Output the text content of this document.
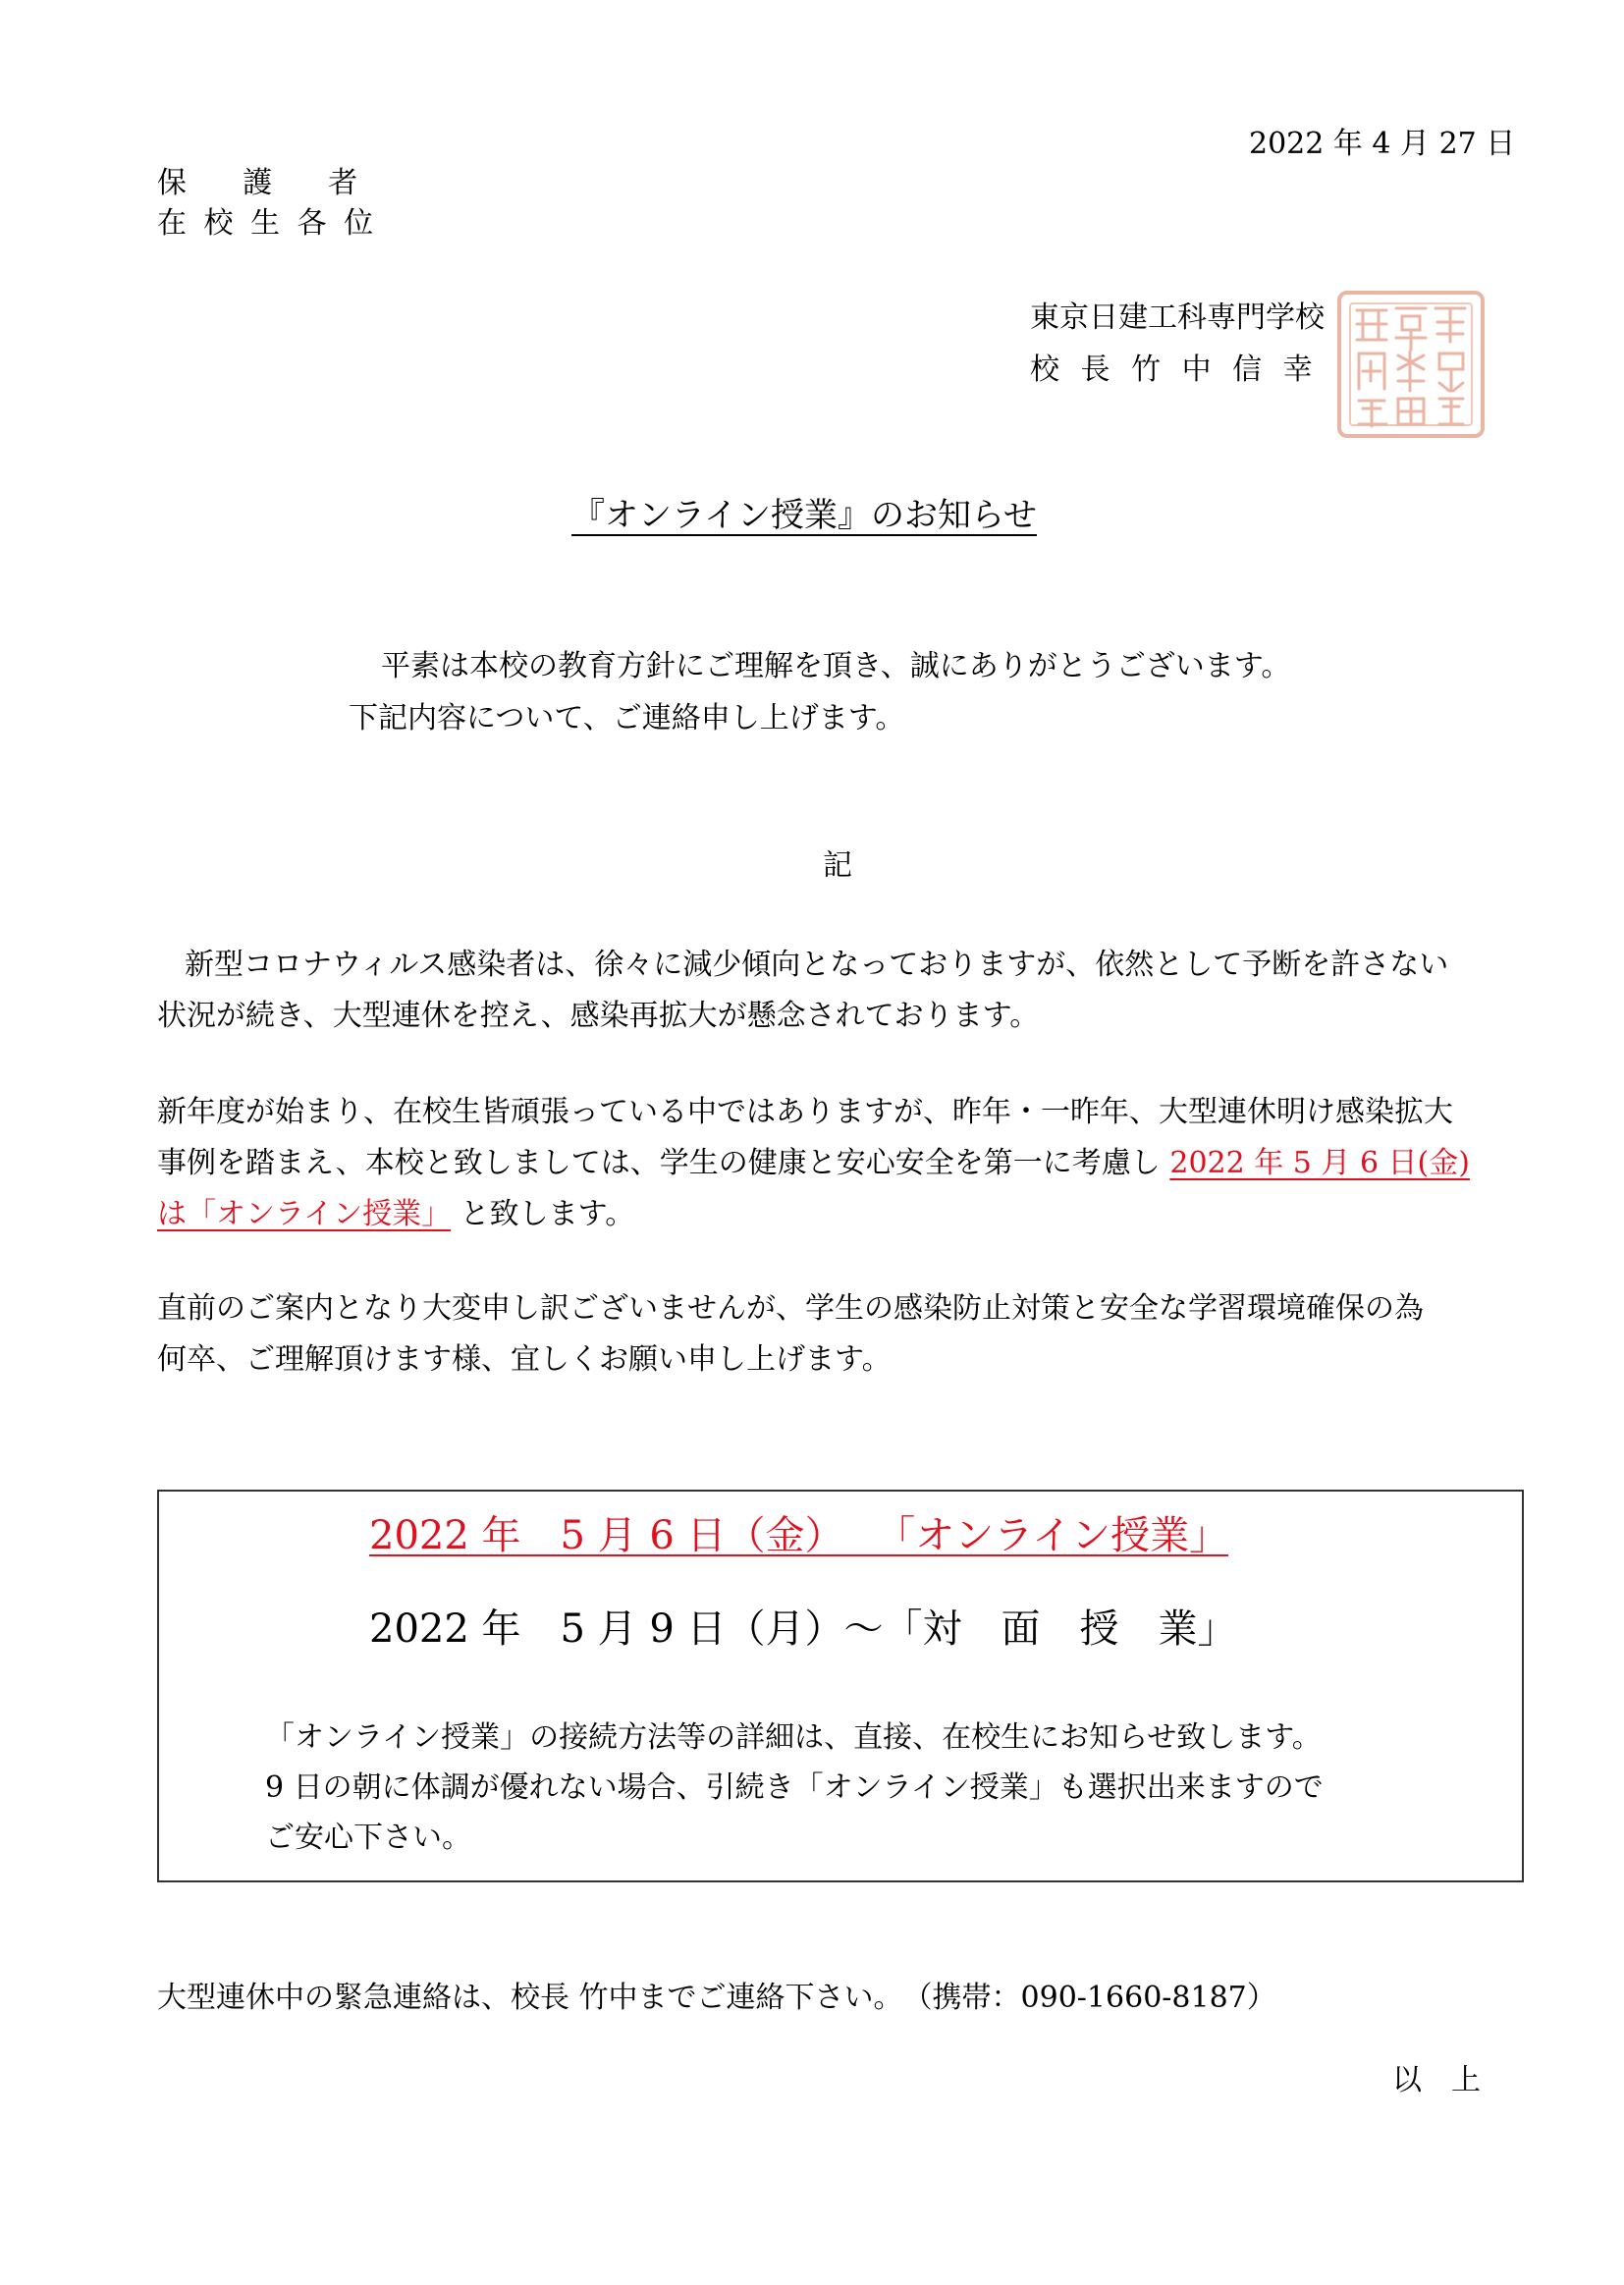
2022 年 4 月 27 日
保 　 護 　 者
在 校 生 各 位
東京日建工科専門学校
校 長 竹 中 信 幸
『オンライン授業』のお知らせ
平素は本校の教育方針にご理解を頂き、誠にありがとうございます。
下記内容について、ご連絡申し上げます。
記
新型コロナウィルス感染者は、徐々に減少傾向となっておりますが、依然として予断を許さない
状況が続き、大型連休を控え、感染再拡大が懸念されております。
新年度が始まり、在校生皆頑張っている中ではありますが、昨年・一昨年、大型連休明け感染拡大
事例を踏まえ、本校と致しましては、学生の健康と安心安全を第一に考慮し 2022 年 5 月 6 日(金)
は「オンライン授業」 と致します。
直前のご案内となり大変申し訳ございませんが、学生の感染防止対策と安全な学習環境確保の為
何卒、ご理解頂けます様、宜しくお願い申し上げます。
2022 年　5 月 6 日（金）　 「オンライン授業」
2022 年　5 月 9 日（月）～「対　面　授　業」
「オンライン授業」の接続方法等の詳細は、直接、在校生にお知らせ致します。
9 日の朝に体調が優れない場合、引続き「オンライン授業」も選択出来ますので
ご安心下さい。
大型連休中の緊急連絡は、校長 竹中までご連絡下さい。　（携帯：090-1660-8187）
以　上
